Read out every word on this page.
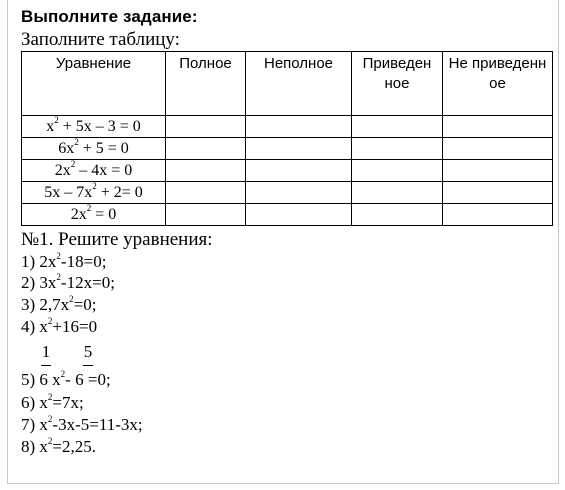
Выполните задание:
Заполните таблицу:
Уравнение	Полное	Неполное	Приведен ное	Не приведенн ое

$x^2 + 5x - 3 = 0$				
$6x^2 + 5 = 0$				
$2x^2 - 4x = 0$				
$5x - 7x^2 + 2= 0$				
$2x^2 = 0$				
№1. Решите уравнения:
1) $2x^2-18=0$;
2) $3x^2-12x=0$;
3) $2,7x^2=0$;
4) $x^2+16=0$
1 5
5) 6 $x^2-$ 6 =0;
6) $x^2=7x$;
7) $x^2-3x-5=11-3x$;
8) $x^2=2,25$.
